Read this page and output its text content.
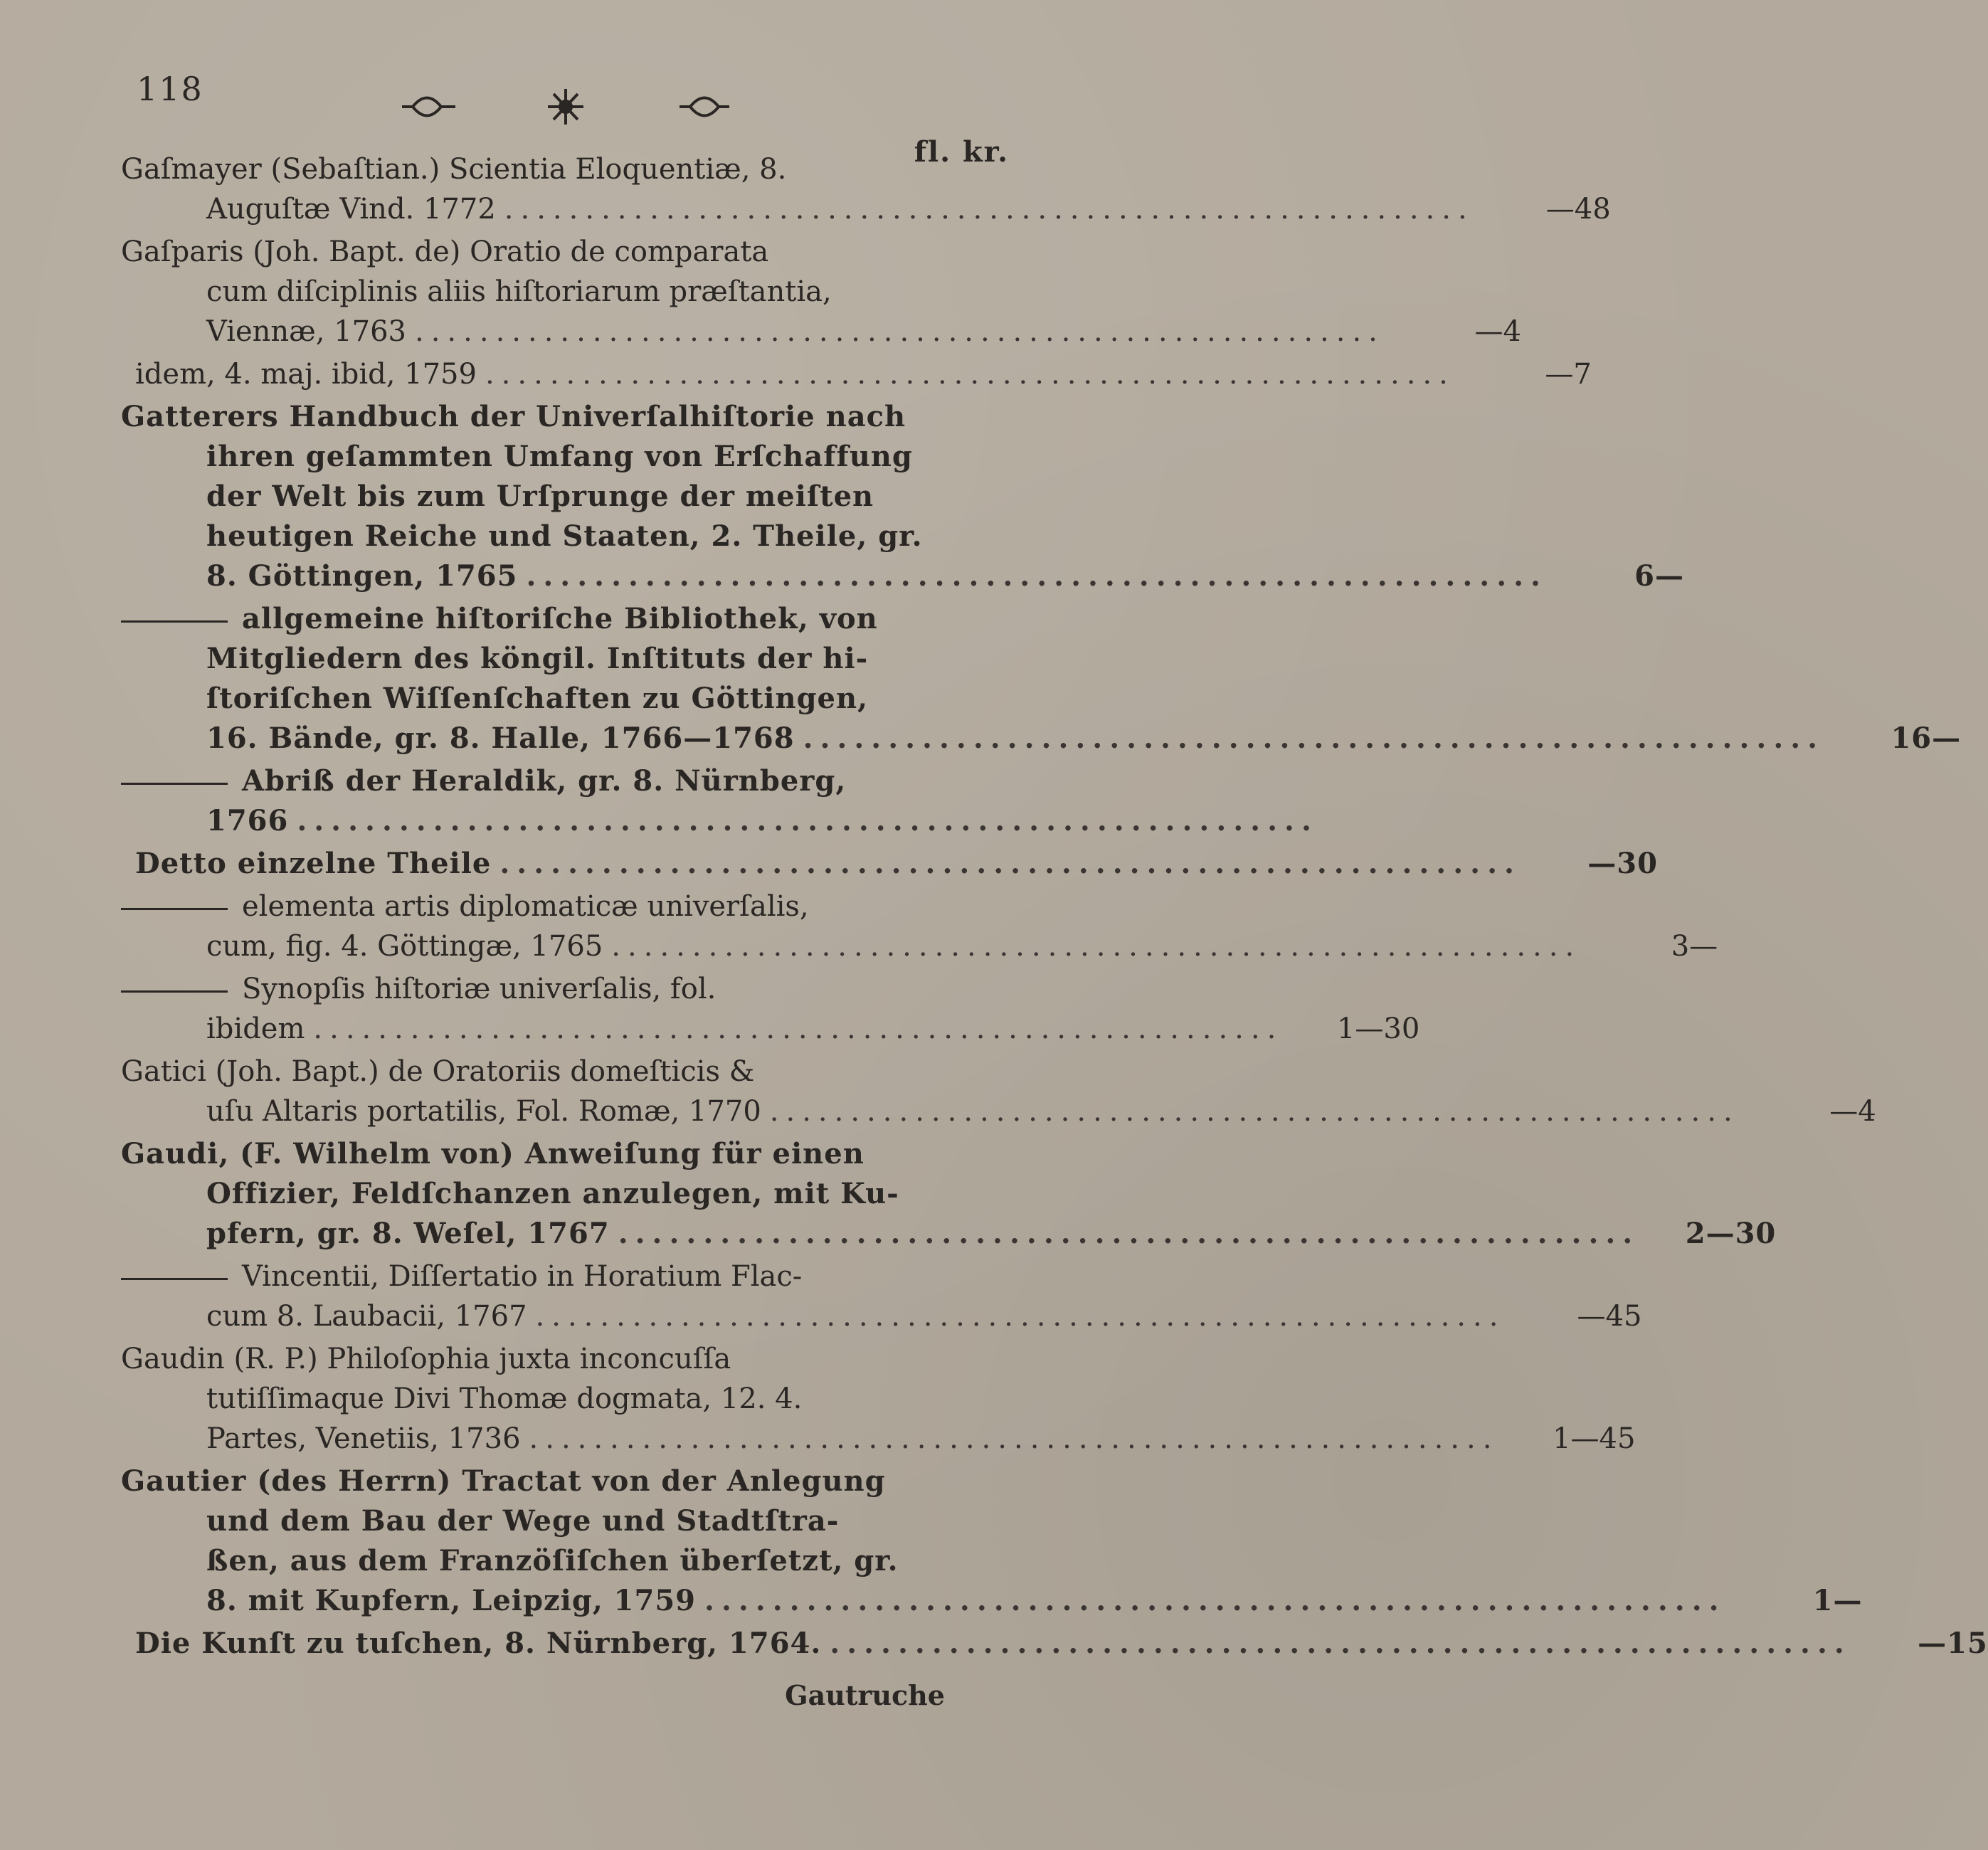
118
fl. kr.
Gaſmayer (Sebaſtian.) Scientia Eloquentiæ, 8.
Auguſtæ Vind. 1772 ............................................................	—48
Gaſparis (Joh. Bapt. de) Oratio de comparata
cum diſciplinis aliis hiſtoriarum præſtantia,
Viennæ, 1763 ............................................................	—4
idem, 4. maj. ibid, 1759 ............................................................	—7
Gatterers Handbuch der Univerſalhiſtorie nach
ihren geſammten Umfang von Erſchaffung
der Welt bis zum Urſprunge der meiſten
heutigen Reiche und Staaten, 2. Theile, gr.
8. Göttingen, 1765 ............................................................	6—
allgemeine hiſtoriſche Bibliothek, von
Mitgliedern des köngil. Inſtituts der hi-
ſtoriſchen Wiſſenſchaften zu Göttingen,
16. Bände, gr. 8. Halle, 1766—1768 ............................................................	16—
Abriß der Heraldik, gr. 8. Nürnberg,
1766 ............................................................
Detto einzelne Theile ............................................................	—30
elementa artis diplomaticæ univerſalis,
cum, fig. 4. Göttingæ, 1765 ............................................................	3—
Synopſis hiſtoriæ univerſalis, fol.
ibidem ............................................................	1—30
Gatici (Joh. Bapt.) de Oratoriis domeſticis &
uſu Altaris portatilis, Fol. Romæ, 1770 ............................................................	—4
Gaudi, (F. Wilhelm von) Anweiſung für einen
Offizier, Feldſchanzen anzulegen, mit Ku-
pfern, gr. 8. Weſel, 1767 ............................................................	2—30
Vincentii, Diſſertatio in Horatium Flac-
cum 8. Laubacii, 1767 ............................................................	—45
Gaudin (R. P.) Philoſophia juxta inconcuſſa
tutiſſimaque Divi Thomæ dogmata, 12. 4.
Partes, Venetiis, 1736 ............................................................	1—45
Gautier (des Herrn) Tractat von der Anlegung
und dem Bau der Wege und Stadtſtra-
ßen, aus dem Franzöſiſchen überſetzt, gr.
8. mit Kupfern, Leipzig, 1759 ............................................................	1—
Die Kunſt zu tuſchen, 8. Nürnberg, 1764. ............................................................	—15
Gautruche
